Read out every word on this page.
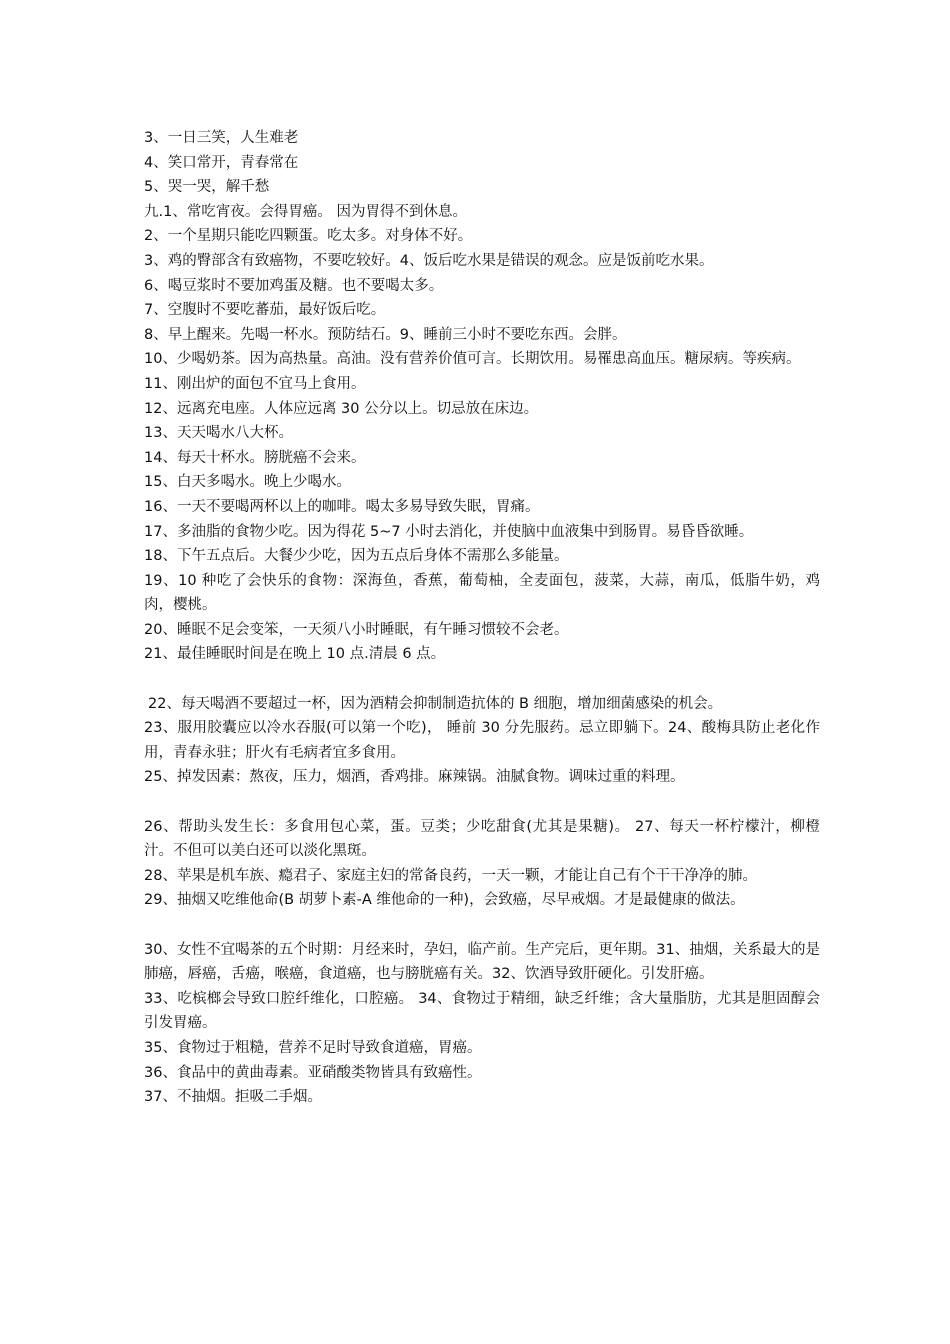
3、一日三笑，人生难老

4、笑口常开，青春常在

5、哭一哭，解千愁

九.1、常吃宵夜。会得胃癌。 因为胃得不到休息。

2、一个星期只能吃四颗蛋。吃太多。对身体不好。

3、鸡的臀部含有致癌物，不要吃较好。4、饭后吃水果是错误的观念。应是饭前吃水果。

6、喝豆浆时不要加鸡蛋及糖。也不要喝太多。

7、空腹时不要吃蕃茄，最好饭后吃。

8、早上醒来。先喝一杯水。预防结石。9、睡前三小时不要吃东西。会胖。

10、少喝奶茶。因为高热量。高油。没有营养价值可言。长期饮用。易罹患高血压。糖尿病。等疾病。

11、刚出炉的面包不宜马上食用。

12、远离充电座。人体应远离 30 公分以上。切忌放在床边。

13、天天喝水八大杯。

14、每天十杯水。膀胱癌不会来。

15、白天多喝水。晚上少喝水。

16、一天不要喝两杯以上的咖啡。喝太多易导致失眠，胃痛。

17、多油脂的食物少吃。因为得花 5~7 小时去消化，并使脑中血液集中到肠胃。易昏昏欲睡。

18、下午五点后。大餐少少吃，因为五点后身体不需那么多能量。

19、10 种吃了会快乐的食物：深海鱼，香蕉，葡萄柚，全麦面包，菠菜，大蒜，南瓜，低脂牛奶，鸡肉，樱桃。

20、睡眠不足会变笨，一天须八小时睡眠，有午睡习惯较不会老。

21、最佳睡眠时间是在晚上 10 点.清晨 6 点。

22、每天喝酒不要超过一杯，因为酒精会抑制制造抗体的 B 细胞，增加细菌感染的机会。

23、服用胶囊应以冷水吞服(可以第一个吃)， 睡前 30 分先服药。忌立即躺下。24、酸梅具防止老化作用，青春永驻；肝火有毛病者宜多食用。

25、掉发因素：熬夜，压力，烟酒，香鸡排。麻辣锅。油腻食物。调味过重的料理。

26、帮助头发生长：多食用包心菜，蛋。豆类；少吃甜食(尤其是果糖)。 27、每天一杯柠檬汁，柳橙汁。不但可以美白还可以淡化黑斑。

28、苹果是机车族、瘾君子、家庭主妇的常备良药，一天一颗，才能让自己有个干干净净的肺。

29、抽烟又吃维他命(B 胡萝卜素-A 维他命的一种)，会致癌，尽早戒烟。才是最健康的做法。

30、女性不宜喝茶的五个时期：月经来时，孕妇，临产前。生产完后，更年期。31、抽烟，关系最大的是肺癌，唇癌，舌癌，喉癌，食道癌，也与膀胱癌有关。32、饮酒导致肝硬化。引发肝癌。

33、吃槟榔会导致口腔纤维化，口腔癌。 34、食物过于精细，缺乏纤维；含大量脂肪，尤其是胆固醇会引发胃癌。

35、食物过于粗糙，营养不足时导致食道癌，胃癌。

36、食品中的黄曲毒素。亚硝酸类物皆具有致癌性。

37、不抽烟。拒吸二手烟。
